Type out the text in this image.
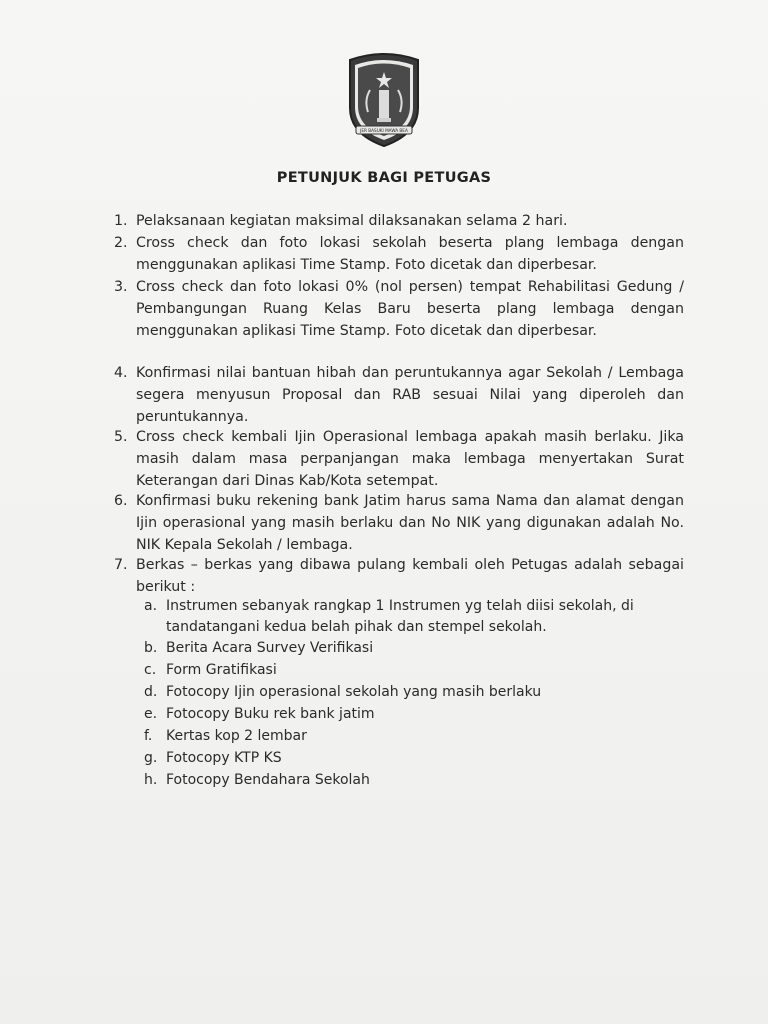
JER BASUKI MAWA BEA
PETUNJUK BAGI PETUGAS
1. Pelaksanaan kegiatan maksimal dilaksanakan selama 2 hari.
2. Cross check dan foto lokasi sekolah beserta plang lembaga dengan menggunakan aplikasi Time Stamp. Foto dicetak dan diperbesar.
3. Cross check dan foto lokasi 0% (nol persen) tempat Rehabilitasi Gedung / Pembangungan Ruang Kelas Baru beserta plang lembaga dengan menggunakan aplikasi Time Stamp. Foto dicetak dan diperbesar.
4. Konfirmasi nilai bantuan hibah dan peruntukannya agar Sekolah / Lembaga segera menyusun Proposal dan RAB sesuai Nilai yang diperoleh dan peruntukannya.
5. Cross check kembali Ijin Operasional lembaga apakah masih berlaku. Jika masih dalam masa perpanjangan maka lembaga menyertakan Surat Keterangan dari Dinas Kab/Kota setempat.
6. Konfirmasi buku rekening bank Jatim harus sama Nama dan alamat dengan Ijin operasional yang masih berlaku dan No NIK yang digunakan adalah No. NIK Kepala Sekolah / lembaga.
7. Berkas – berkas yang dibawa pulang kembali oleh Petugas adalah sebagai berikut :
a. Instrumen sebanyak rangkap 1 Instrumen yg telah diisi sekolah, di tandatangani kedua belah pihak dan stempel sekolah.
b. Berita Acara Survey Verifikasi
c. Form Gratifikasi
d. Fotocopy Ijin operasional sekolah yang masih berlaku
e. Fotocopy Buku rek bank jatim
f. Kertas kop 2 lembar
g. Fotocopy KTP KS
h. Fotocopy Bendahara Sekolah
